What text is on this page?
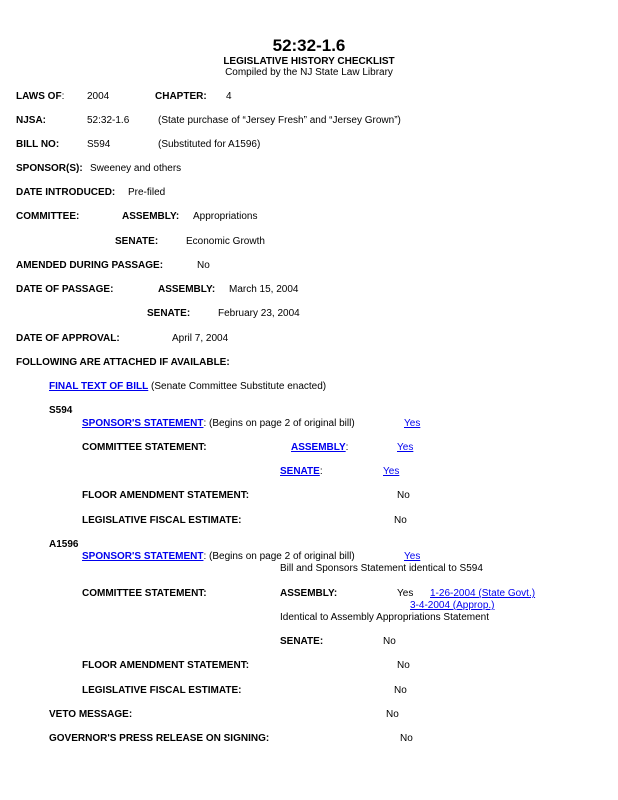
52:32-1.6
LEGISLATIVE HISTORY CHECKLIST
Compiled by the NJ State Law Library
LAWS OF: 2004	CHAPTER: 4
NJSA:	52:32-1.6	(State purchase of “Jersey Fresh” and “Jersey Grown”)
BILL NO:	S594	(Substituted for A1596)
SPONSOR(S): Sweeney and others
DATE INTRODUCED: Pre-filed
COMMITTEE:	ASSEMBLY: Appropriations
SENATE:	Economic Growth
AMENDED DURING PASSAGE:	No
DATE OF PASSAGE:	ASSEMBLY: March 15, 2004
SENATE:	February 23, 2004
DATE OF APPROVAL:	April 7, 2004
FOLLOWING ARE ATTACHED IF AVAILABLE:
FINAL TEXT OF BILL (Senate Committee Substitute enacted)
S594
SPONSOR'S STATEMENT: (Begins on page 2 of original bill)	Yes
COMMITTEE STATEMENT:	ASSEMBLY:	Yes
SENATE:	Yes
FLOOR AMENDMENT STATEMENT:	No
LEGISLATIVE FISCAL ESTIMATE:	No
A1596
SPONSOR'S STATEMENT: (Begins on page 2 of original bill)	Yes
Bill and Sponsors Statement identical to S594
COMMITTEE STATEMENT:	ASSEMBLY:	Yes 1-26-2004 (State Govt.)
3-4-2004 (Approp.)
Identical to Assembly Appropriations Statement
SENATE:	No
FLOOR AMENDMENT STATEMENT:	No
LEGISLATIVE FISCAL ESTIMATE:	No
VETO MESSAGE:	No
GOVERNOR'S PRESS RELEASE ON SIGNING:	No
